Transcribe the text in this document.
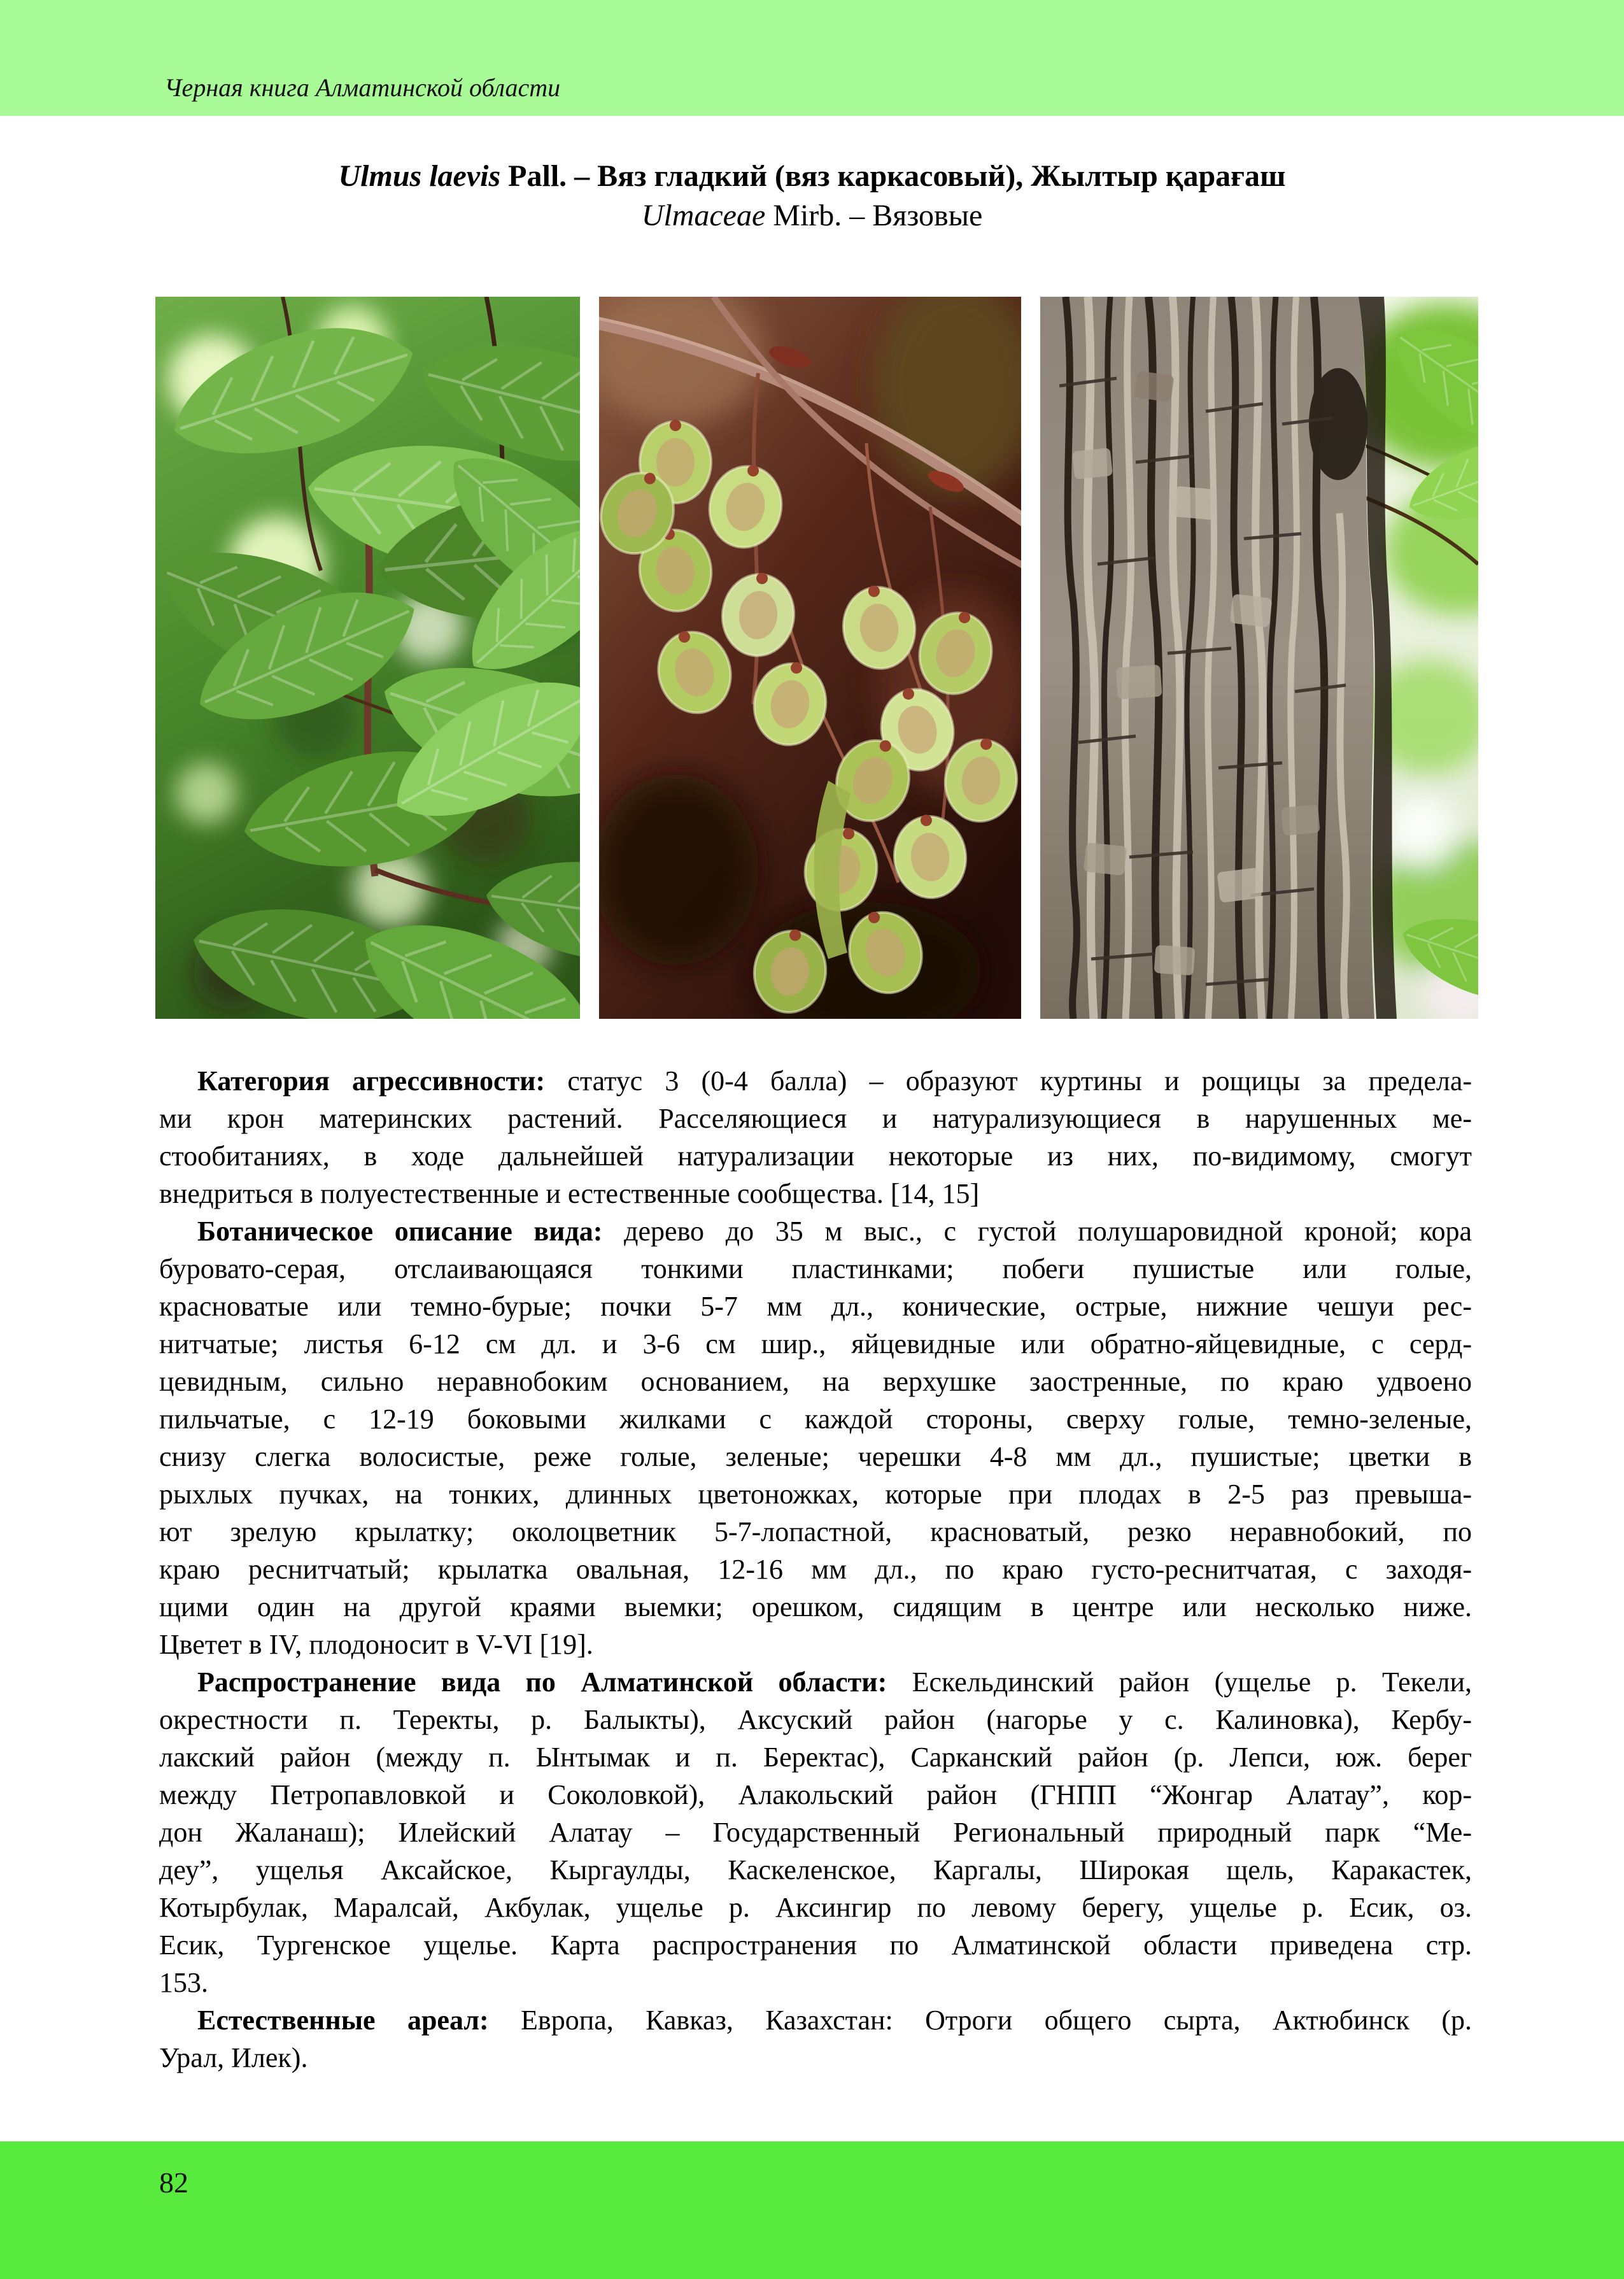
Черная книга Алматинской области
Ulmus laevis Pall. – Вяз гладкий (вяз каркасовый), Жылтыр қарағаш
Ulmaceae Mirb. – Вязовые

Категория агрессивности: статус 3 (0-4 балла) – образуют куртины и рощицы за предела-
ми крон материнских растений. Расселяющиеся и натурализующиеся в нарушенных ме-
стообитаниях, в ходе дальнейшей натурализации некоторые из них, по-видимому, смогут
внедриться в полуестественные и естественные сообщества. [14, 15]

Ботаническое описание вида: дерево до 35 м выс., с густой полушаровидной кроной; кора
буровато-серая, отслаивающаяся тонкими пластинками; побеги пушистые или голые,
красноватые или темно-бурые; почки 5-7 мм дл., конические, острые, нижние чешуи рес-
нитчатые; листья 6-12 см дл. и 3-6 см шир., яйцевидные или обратно-яйцевидные, с серд-
цевидным, сильно неравнобоким основанием, на верхушке заостренные, по краю удвоено
пильчатые, с 12-19 боковыми жилками с каждой стороны, сверху голые, темно-зеленые,
снизу слегка волосистые, реже голые, зеленые; черешки 4-8 мм дл., пушистые; цветки в
рыхлых пучках, на тонких, длинных цветоножках, которые при плодах в 2-5 раз превыша-
ют зрелую крылатку; околоцветник 5-7-лопастной, красноватый, резко неравнобокий, по
краю реснитчатый; крылатка овальная, 12-16 мм дл., по краю густо-реснитчатая, с заходя-
щими один на другой краями выемки; орешком, сидящим в центре или несколько ниже.
Цветет в IV, плодоносит в V-VI [19].

Распространение вида по Алматинской области: Ескельдинский район (ущелье р. Текели,
окрестности п. Теректы, р. Балыкты), Аксуский район (нагорье у с. Калиновка), Кербу-
лакский район (между п. Ынтымак и п. Беректас), Сарканский район (р. Лепси, юж. берег
между Петропавловкой и Соколовкой), Алакольский район (ГНПП “Жонгар Алатау”, кор-
дон Жаланаш); Илейский Алатау – Государственный Региональный природный парк “Ме-
деу”, ущелья Аксайское, Кыргаулды, Каскеленское, Каргалы, Широкая щель, Каракастек,
Котырбулак, Маралсай, Акбулак, ущелье р. Аксингир по левому берегу, ущелье р. Есик, оз.
Есик, Тургенское ущелье. Карта распространения по Алматинской области приведена стр.
153.

Естественные ареал: Европа, Кавказ, Казахстан: Отроги общего сырта, Актюбинск (р.
Урал, Илек).

82
